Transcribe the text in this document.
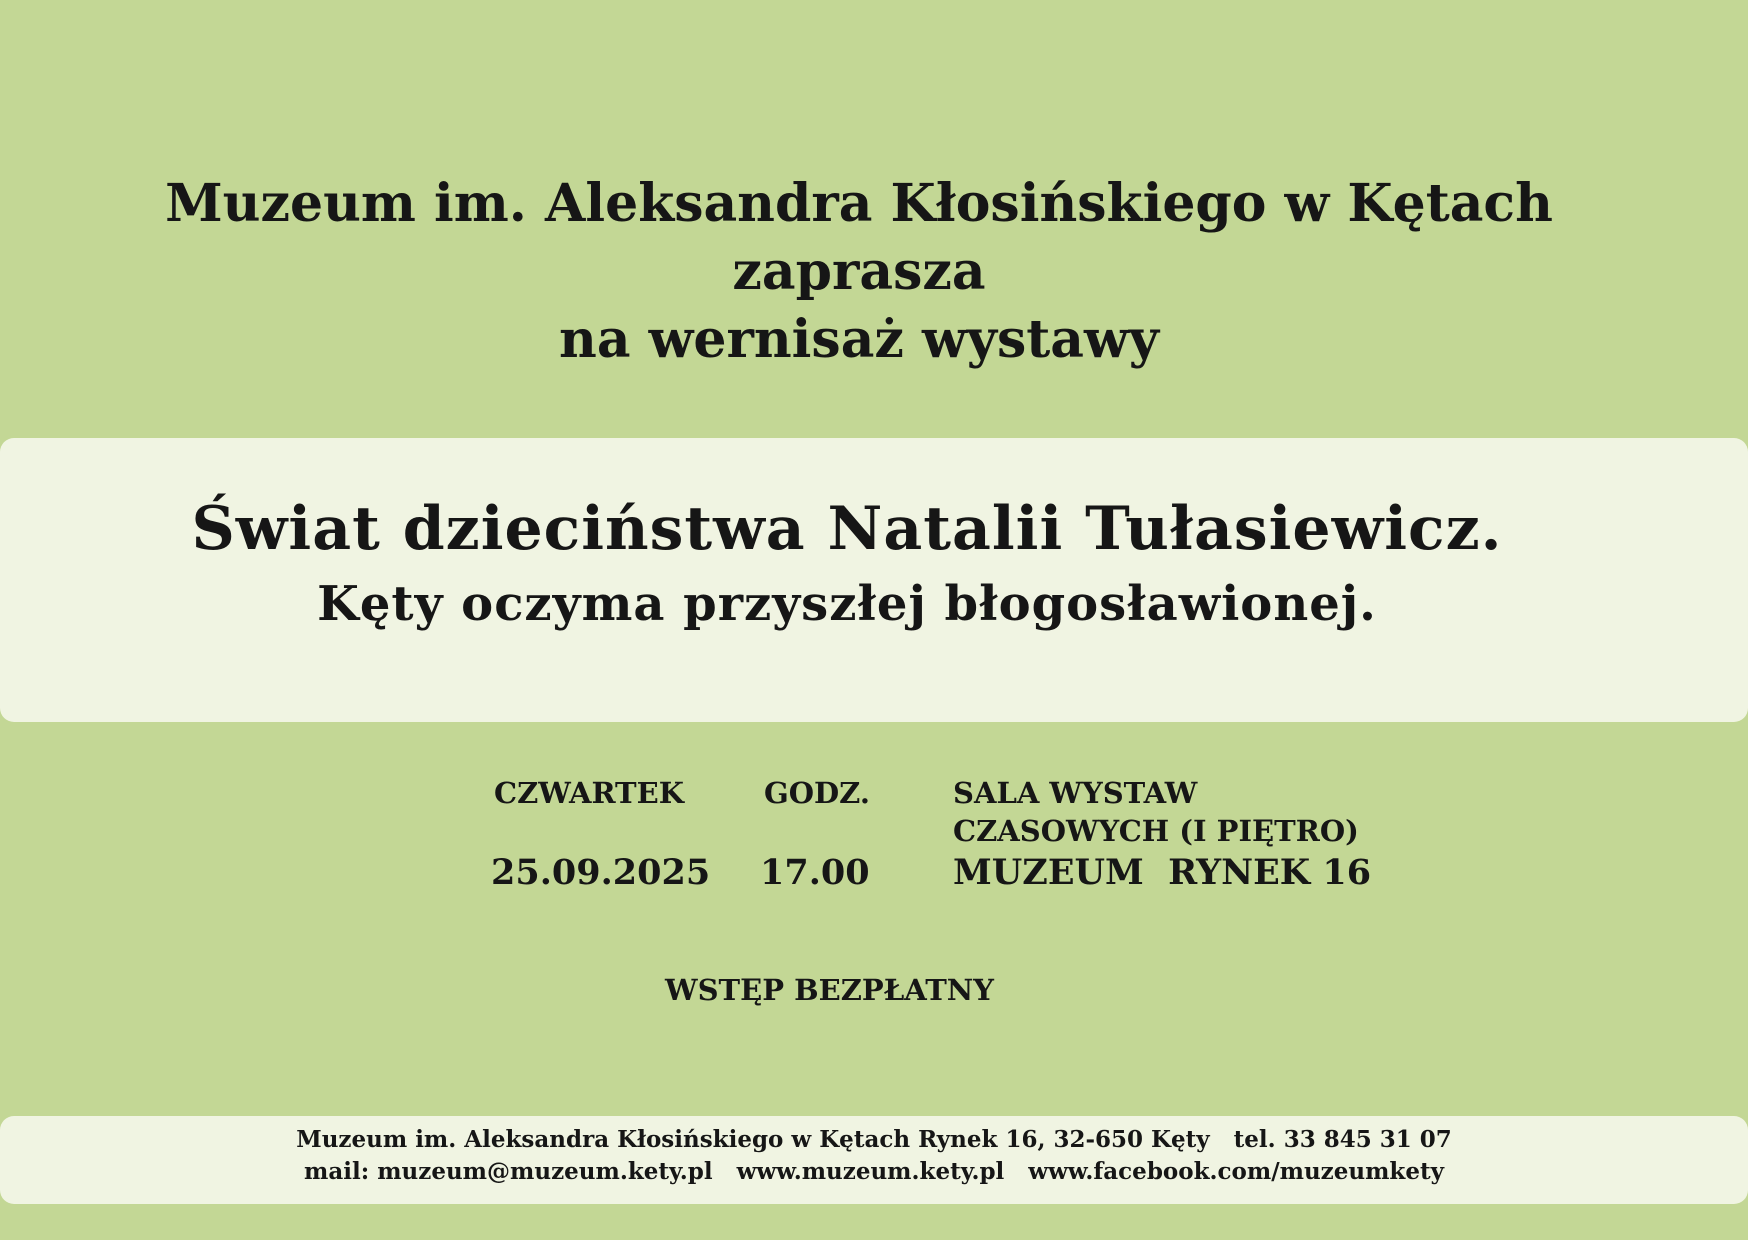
Muzeum im. Aleksandra Kłosińskiego w Kętach
zaprasza
na wernisaż wystawy
Świat dzieciństwa Natalii Tułasiewicz.
Kęty oczyma przyszłej błogosławionej.
CZWARTEK
25.09.2025
GODZ.
17.00
SALA WYSTAW
CZASOWYCH (I PIĘTRO)
MUZEUM  RYNEK 16
WSTĘP BEZPŁATNY
Muzeum im. Aleksandra Kłosińskiego w Kętach Rynek 16, 32-650 Kęty   tel. 33 845 31 07
mail: muzeum@muzeum.kety.pl   www.muzeum.kety.pl   www.facebook.com/muzeumkety
